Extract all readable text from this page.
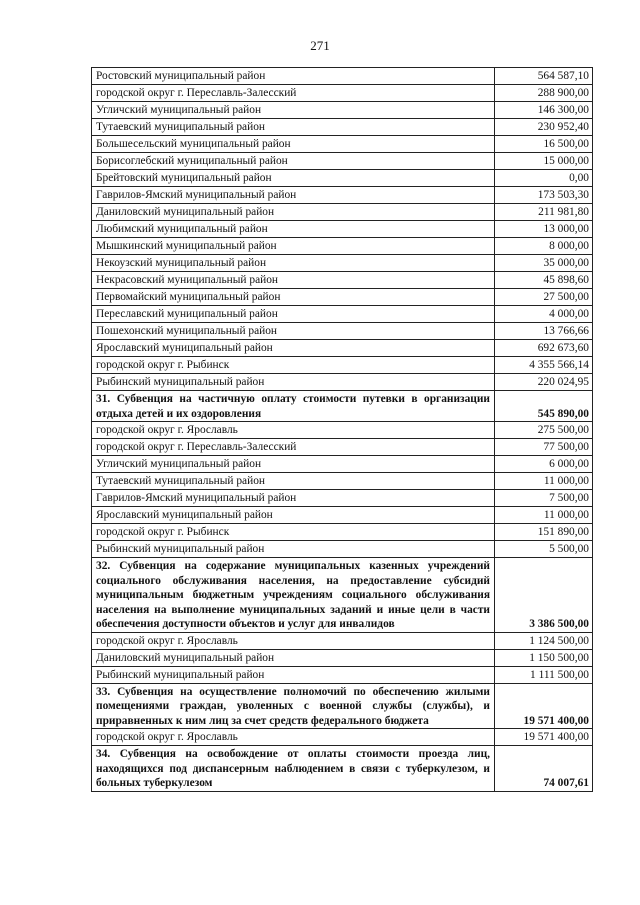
271
Ростовский муниципальный район	564 587,10
городской округ г. Переславль-Залесский	288 900,00
Угличский муниципальный район	146 300,00
Тутаевский муниципальный район	230 952,40
Большесельский муниципальный район	16 500,00
Борисоглебский муниципальный район	15 000,00
Брейтовский муниципальный район	0,00
Гаврилов-Ямский муниципальный район	173 503,30
Даниловский муниципальный район	211 981,80
Любимский муниципальный район	13 000,00
Мышкинский муниципальный район	8 000,00
Некоузский муниципальный район	35 000,00
Некрасовский муниципальный район	45 898,60
Первомайский муниципальный район	27 500,00
Переславский муниципальный район	4 000,00
Пошехонский муниципальный район	13 766,66
Ярославский муниципальный район	692 673,60
городской округ г. Рыбинск	4 355 566,14
Рыбинский муниципальный район	220 024,95
31. Субвенция на частичную оплату стоимости путевки в организации отдыха детей и их оздоровления	545 890,00
городской округ г. Ярославль	275 500,00
городской округ г. Переславль-Залесский	77 500,00
Угличский муниципальный район	6 000,00
Тутаевский муниципальный район	11 000,00
Гаврилов-Ямский муниципальный район	7 500,00
Ярославский муниципальный район	11 000,00
городской округ г. Рыбинск	151 890,00
Рыбинский муниципальный район	5 500,00
32. Субвенция на содержание муниципальных казенных учреждений социального обслуживания населения, на предоставление субсидий муниципальным бюджетным учреждениям социального обслуживания населения на выполнение муниципальных заданий и иные цели в части обеспечения доступности объектов и услуг для инвалидов	3 386 500,00
городской округ г. Ярославль	1 124 500,00
Даниловский муниципальный район	1 150 500,00
Рыбинский муниципальный район	1 111 500,00
33. Субвенция на осуществление полномочий по обеспечению жилыми помещениями граждан, уволенных с военной службы (службы), и приравненных к ним лиц за счет средств федерального бюджета	19 571 400,00
городской округ г. Ярославль	19 571 400,00
34. Субвенция на освобождение от оплаты стоимости проезда лиц, находящихся под диспансерным наблюдением в связи с туберкулезом, и больных туберкулезом	74 007,61
